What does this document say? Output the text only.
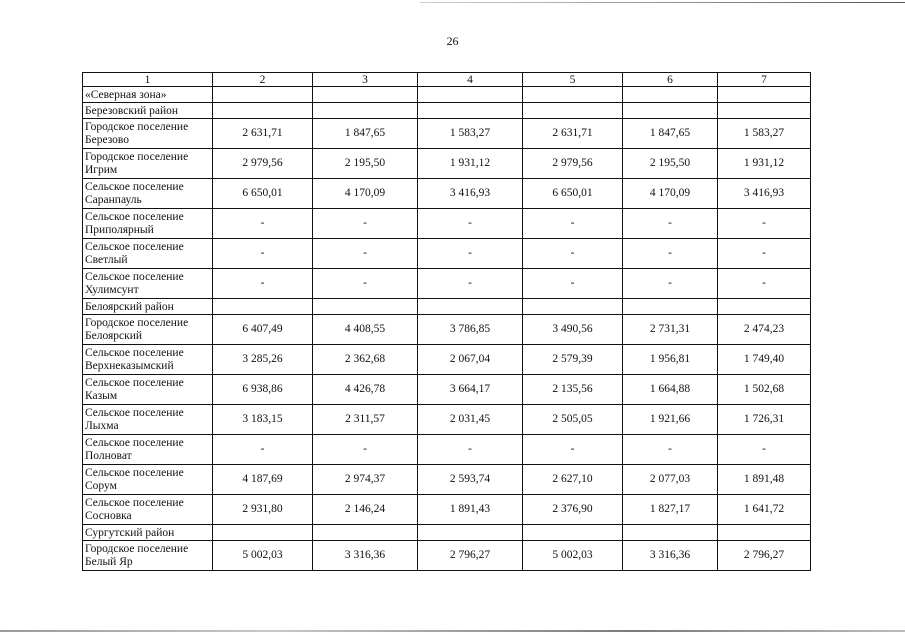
26
1	2	3	4	5	6	7
«Северная зона»						
Березовский район						

Городское поселение
Березово	2 631,71	1 847,65	1 583,27	2 631,71	1 847,65	1 583,27

Городское поселение
Игрим	2 979,56	2 195,50	1 931,12	2 979,56	2 195,50	1 931,12

Сельское поселение
Саранпауль	6 650,01	4 170,09	3 416,93	6 650,01	4 170,09	3 416,93

Сельское поселение
Приполярный	-	-	-	-	-	-

Сельское поселение
Светлый	-	-	-	-	-	-

Сельское поселение
Хулимсунт	-	-	-	-	-	-
Белоярский район						

Городское поселение
Белоярский	6 407,49	4 408,55	3 786,85	3 490,56	2 731,31	2 474,23

Сельское поселение
Верхнеказымский	3 285,26	2 362,68	2 067,04	2 579,39	1 956,81	1 749,40

Сельское поселение
Казым	6 938,86	4 426,78	3 664,17	2 135,56	1 664,88	1 502,68

Сельское поселение
Лыхма	3 183,15	2 311,57	2 031,45	2 505,05	1 921,66	1 726,31

Сельское поселение
Полноват	-	-	-	-	-	-

Сельское поселение
Сорум	4 187,69	2 974,37	2 593,74	2 627,10	2 077,03	1 891,48

Сельское поселение
Сосновка	2 931,80	2 146,24	1 891,43	2 376,90	1 827,17	1 641,72
Сургутский район						

Городское поселение
Белый Яр	5 002,03	3 316,36	2 796,27	5 002,03	3 316,36	2 796,27
